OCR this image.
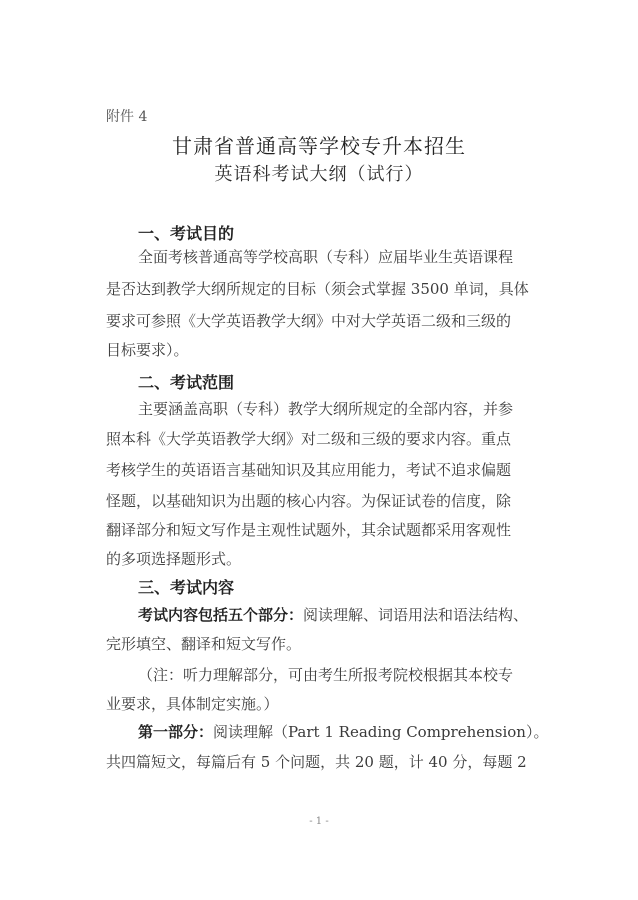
附件 4
甘肃省普通高等学校专升本招生
英语科考试大纲（试行）
一、考试目的
全面考核普通高等学校高职（专科）应届毕业生英语课程
是否达到教学大纲所规定的目标（须会式掌握 3500 单词，具体
要求可参照《大学英语教学大纲》中对大学英语二级和三级的
目标要求）。
二、考试范围
主要涵盖高职（专科）教学大纲所规定的全部内容，并参
照本科《大学英语教学大纲》对二级和三级的要求内容。重点
考核学生的英语语言基础知识及其应用能力，考试不追求偏题
怪题，以基础知识为出题的核心内容。为保证试卷的信度，除
翻译部分和短文写作是主观性试题外，其余试题都采用客观性
的多项选择题形式。
三、考试内容
考试内容包括五个部分：阅读理解、词语用法和语法结构、
完形填空、翻译和短文写作。
（注：听力理解部分，可由考生所报考院校根据其本校专
业要求，具体制定实施。）
第一部分：阅读理解（Part 1 Reading Comprehension）。
共四篇短文，每篇后有 5 个问题，共 20 题，计 40 分，每题 2
- 1 -
